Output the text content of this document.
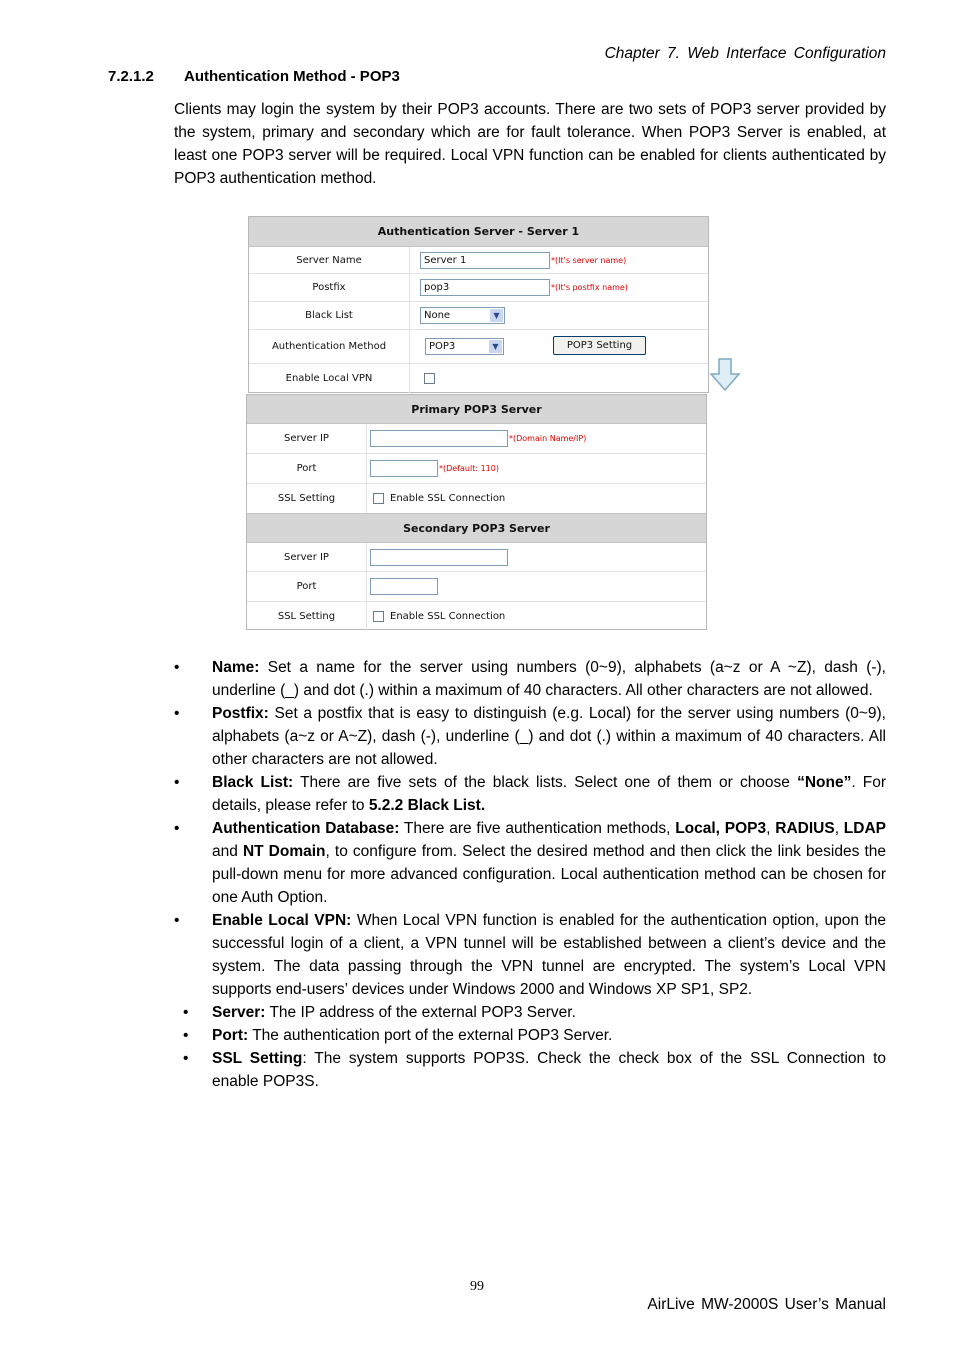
Chapter 7. Web Interface Configuration
7.2.1.2 Authentication Method - POP3

Clients may login the system by their POP3 accounts. There are two sets of POP3 server provided by the system, primary and secondary which are for fault tolerance. When POP3 Server is enabled, at least one POP3 server will be required. Local VPN function can be enabled for clients authenticated by POP3 authentication method.

Authentication Server - Server 1
Server Name	Server 1	*(It's server name)
Postfix	pop3	*(It's postfix name)
Black List	None	▼
Authentication Method	POP3	▼	POP3 Setting
Enable Local VPN
Primary POP3 Server
Server IP	*(Domain Name/IP)
Port	*(Default: 110)
SSL Setting	Enable SSL Connection
Secondary POP3 Server
Server IP
Port
SSL Setting	Enable SSL Connection
• Name: Set a name for the server using numbers (0~9), alphabets (a~z or A ~Z), dash (-), underline (_) and dot (.) within a maximum of 40 characters. All other characters are not allowed.
• Postfix: Set a postfix that is easy to distinguish (e.g. Local) for the server using numbers (0~9), alphabets (a~z or A~Z), dash (-), underline (_) and dot (.) within a maximum of 40 characters. All other characters are not allowed.
• Black List: There are five sets of the black lists. Select one of them or choose “None”. For details, please refer to 5.2.2 Black List.
• Authentication Database: There are five authentication methods, Local, POP3, RADIUS, LDAP and NT Domain, to configure from. Select the desired method and then click the link besides the pull-down menu for more advanced configuration. Local authentication method can be chosen for one Auth Option.
• Enable Local VPN: When Local VPN function is enabled for the authentication option, upon the successful login of a client, a VPN tunnel will be established between a client’s device and the system. The data passing through the VPN tunnel are encrypted. The system’s Local VPN supports end-users’ devices under Windows 2000 and Windows XP SP1, SP2.
• Server: The IP address of the external POP3 Server.
• Port: The authentication port of the external POP3 Server.
• SSL Setting: The system supports POP3S. Check the check box of the SSL Connection to enable POP3S.
99
AirLive MW-2000S User’s Manual
